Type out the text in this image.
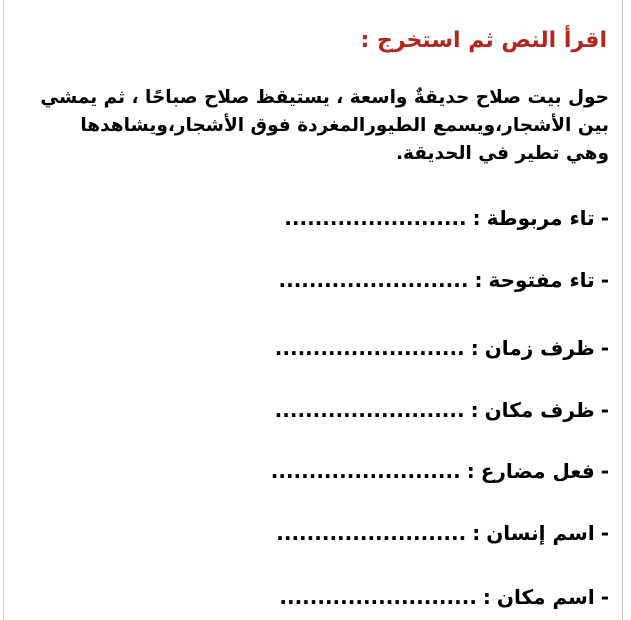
اقرأ النص ثم استخرج :

حول بيت صلاح حديقةٌ واسعة ، يستيقظ صلاح صباحًا ، ثم يمشي بين الأشجار،ويسمع الطيورالمغردة فوق الأشجار،ويشاهدها وهي تطير في الحديقة.

-تاء مربوطة:........................
-تاء مفتوحة:.........................
-ظرف زمان:.........................
-ظرف مكان:.........................
-فعل مضارع:.........................
-اسم إنسان:.........................
-اسم مكان:..........................
